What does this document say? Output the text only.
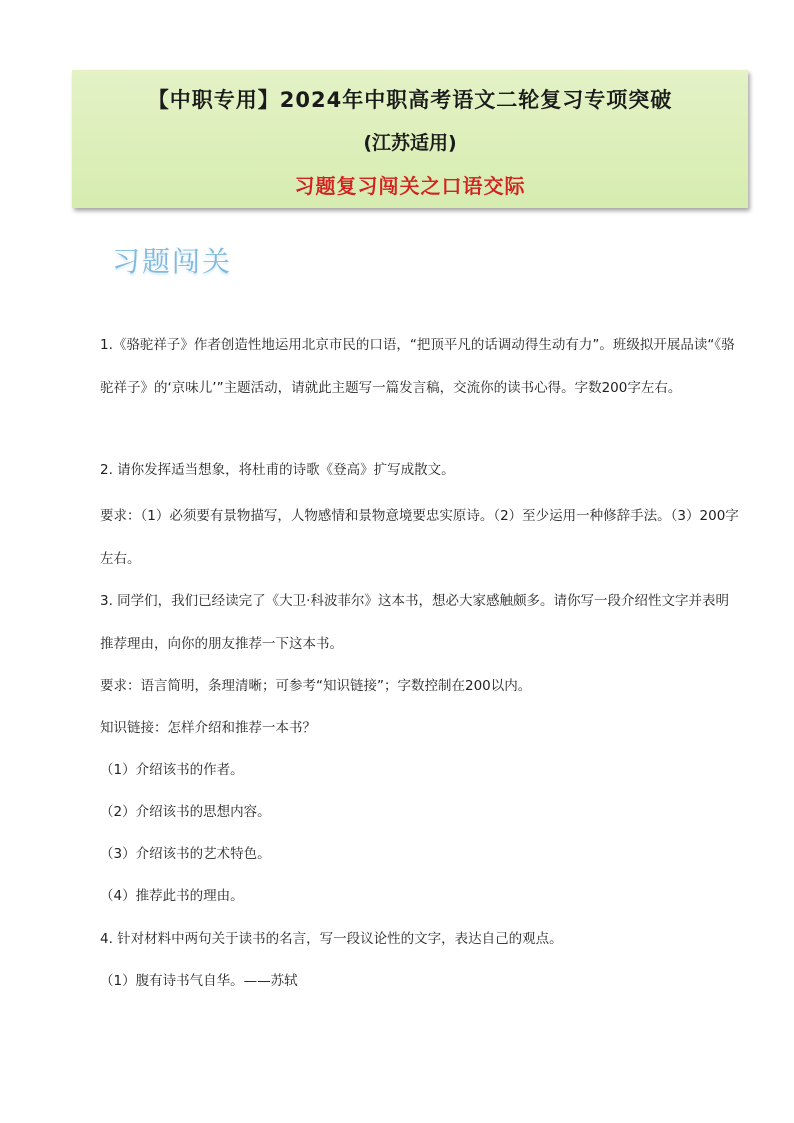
【中职专用】2024年中职高考语文二轮复习专项突破
(江苏适用)
习题复习闯关之口语交际
习题闯关
1.《骆驼祥子》作者创造性地运用北京市民的口语，“把顶平凡的话调动得生动有力”。班级拟开展品读“《骆驼祥子》的‘京味儿’”主题活动，请就此主题写一篇发言稿，交流你的读书心得。字数200字左右。
2. 请你发挥适当想象，将杜甫的诗歌《登高》扩写成散文。
要求：（1）必须要有景物描写，人物感情和景物意境要忠实原诗。（2）至少运用一种修辞手法。（3）200字左右。
3. 同学们，我们已经读完了《大卫·科波菲尔》这本书，想必大家感触颇多。请你写一段介绍性文字并表明推荐理由，向你的朋友推荐一下这本书。
要求：语言简明，条理清晰；可参考“知识链接”；字数控制在200以内。
知识链接：怎样介绍和推荐一本书？
（1）介绍该书的作者。
（2）介绍该书的思想内容。
（3）介绍该书的艺术特色。
（4）推荐此书的理由。
4. 针对材料中两句关于读书的名言，写一段议论性的文字，表达自己的观点。
（1）腹有诗书气自华。——苏轼
